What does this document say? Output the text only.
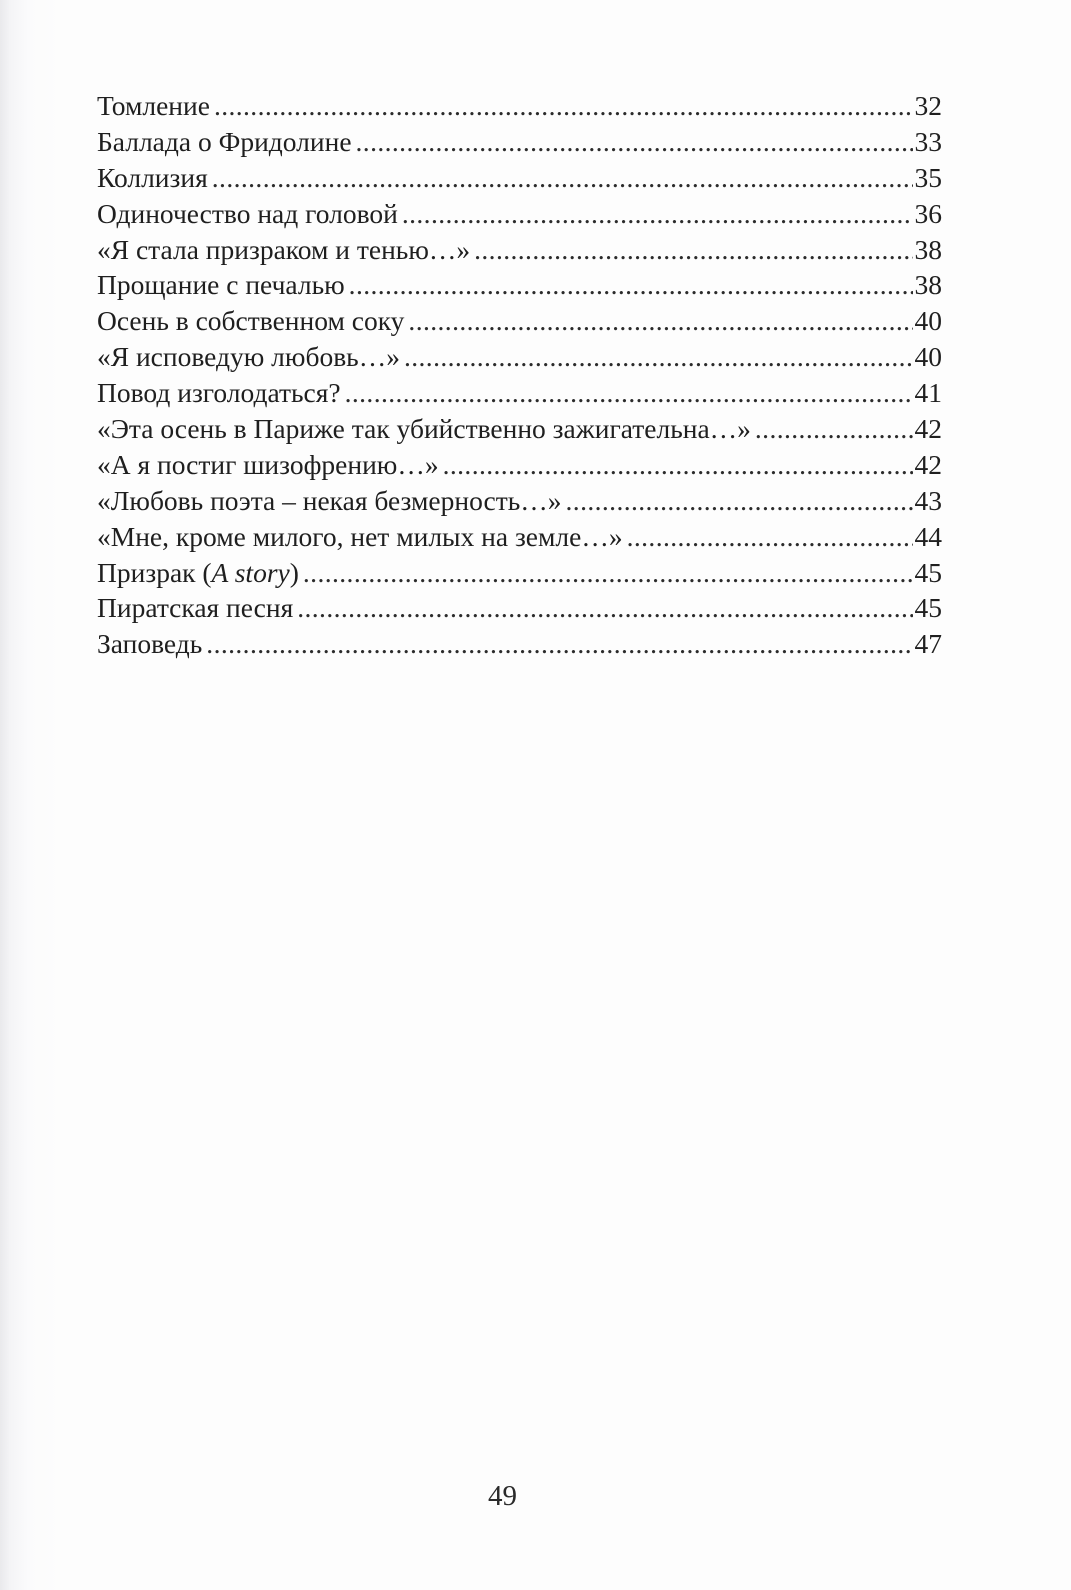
Томление .....	32
Баллада о Фридолине .....	33
Коллизия .....	35
Одиночество над головой .....	36
«Я стала призраком и тенью…» .....	38
Прощание с печалью .....	38
Осень в собственном соку .....	40
«Я исповедую любовь…» .....	40
Повод изголодаться? .....	41
«Эта осень в Париже так убийственно зажигательна…» .....	42
«А я постиг шизофрению…» .....	42
«Любовь поэта – некая безмерность…» .....	43
«Мне, кроме милого, нет милых на земле…» .....	44
Призрак (A story) .....	45
Пиратская песня .....	45
Заповедь .....	47
49
